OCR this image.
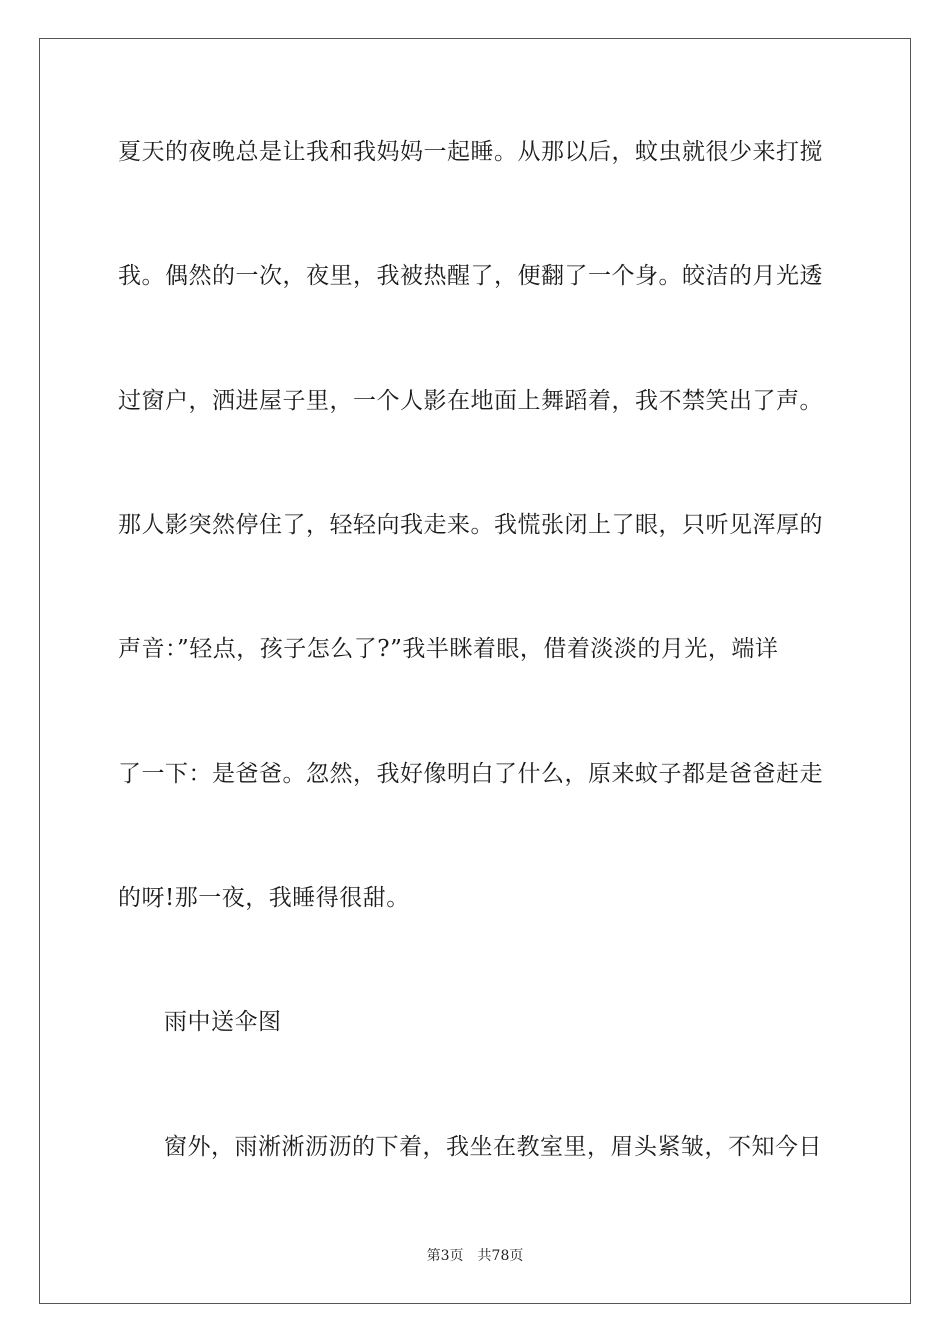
夏天的夜晚总是让我和我妈妈一起睡。从那以后，蚊虫就很少来打搅
我。偶然的一次，夜里，我被热醒了，便翻了一个身。皎洁的月光透
过窗户，洒进屋子里，一个人影在地面上舞蹈着，我不禁笑出了声。
那人影突然停住了，轻轻向我走来。我慌张闭上了眼，只听见浑厚的
声音：”轻点，孩子怎么了?”我半眯着眼，借着淡淡的月光，端详
了一下：是爸爸。忽然，我好像明白了什么，原来蚊子都是爸爸赶走
的呀!那一夜，我睡得很甜。
雨中送伞图
窗外，雨淅淅沥沥的下着，我坐在教室里，眉头紧皱，不知今日
第3页 共78页
